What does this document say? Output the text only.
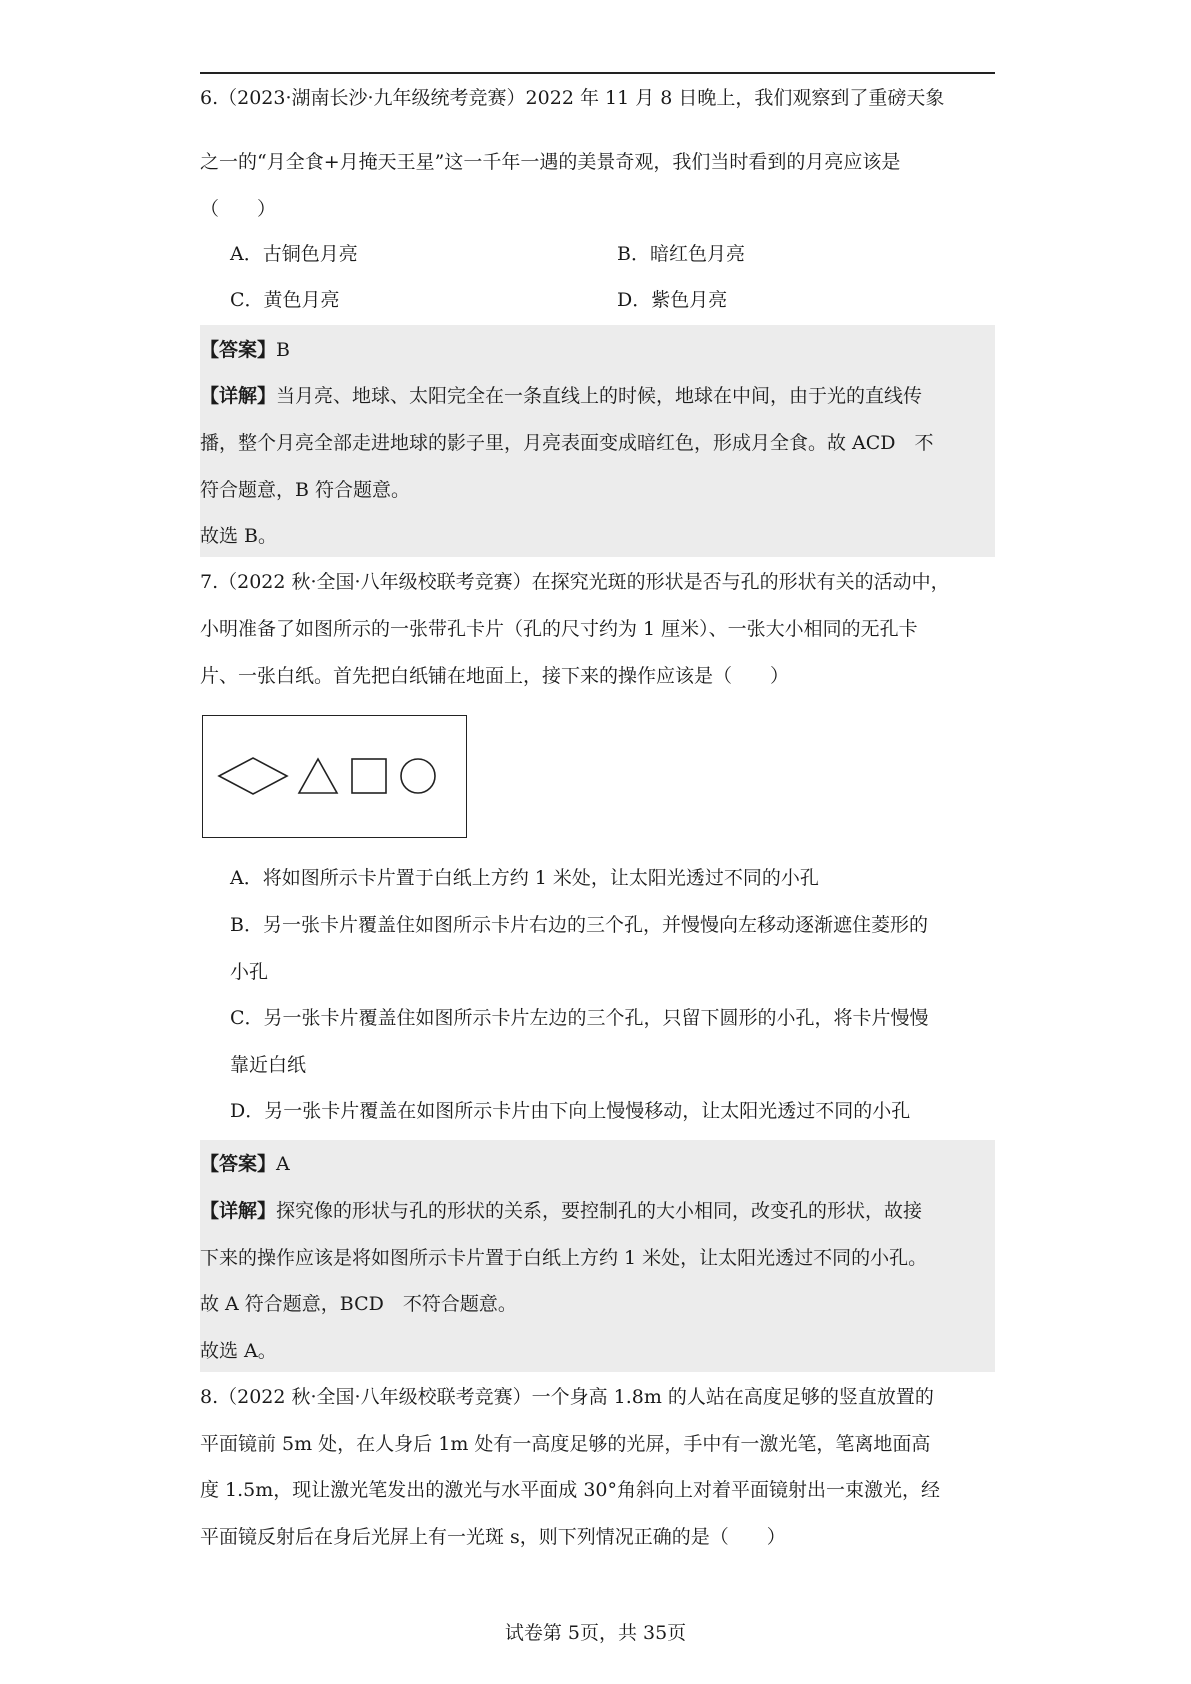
6.（2023·湖南长沙·九年级统考竞赛）2022 年 11 月 8 日晚上，我们观察到了重磅天象
之一的“月全食+月掩天王星”这一千年一遇的美景奇观，我们当时看到的月亮应该是
（　　）
A．古铜色月亮	B．暗红色月亮
C．黄色月亮	D．紫色月亮
【答案】B
【详解】当月亮、地球、太阳完全在一条直线上的时候，地球在中间，由于光的直线传
播，整个月亮全部走进地球的影子里，月亮表面变成暗红色，形成月全食。故 ACD　不
符合题意，B 符合题意。
故选 B。
7.（2022 秋·全国·八年级校联考竞赛）在探究光斑的形状是否与孔的形状有关的活动中，
小明准备了如图所示的一张带孔卡片（孔的尺寸约为 1 厘米）、一张大小相同的无孔卡
片、一张白纸。首先把白纸铺在地面上，接下来的操作应该是（　　）
A．将如图所示卡片置于白纸上方约 1 米处，让太阳光透过不同的小孔
B．另一张卡片覆盖住如图所示卡片右边的三个孔，并慢慢向左移动逐渐遮住菱形的
小孔
C．另一张卡片覆盖住如图所示卡片左边的三个孔，只留下圆形的小孔，将卡片慢慢
靠近白纸
D．另一张卡片覆盖在如图所示卡片由下向上慢慢移动，让太阳光透过不同的小孔
【答案】A
【详解】探究像的形状与孔的形状的关系，要控制孔的大小相同，改变孔的形状，故接
下来的操作应该是将如图所示卡片置于白纸上方约 1 米处，让太阳光透过不同的小孔。
故 A 符合题意，BCD　不符合题意。
故选 A。
8.（2022 秋·全国·八年级校联考竞赛）一个身高 1.8m 的人站在高度足够的竖直放置的
平面镜前 5m 处，在人身后 1m 处有一高度足够的光屏，手中有一激光笔，笔离地面高
度 1.5m，现让激光笔发出的激光与水平面成 30°角斜向上对着平面镜射出一束激光，经
平面镜反射后在身后光屏上有一光斑 s，则下列情况正确的是（　　）
试卷第 5页，共 35页
